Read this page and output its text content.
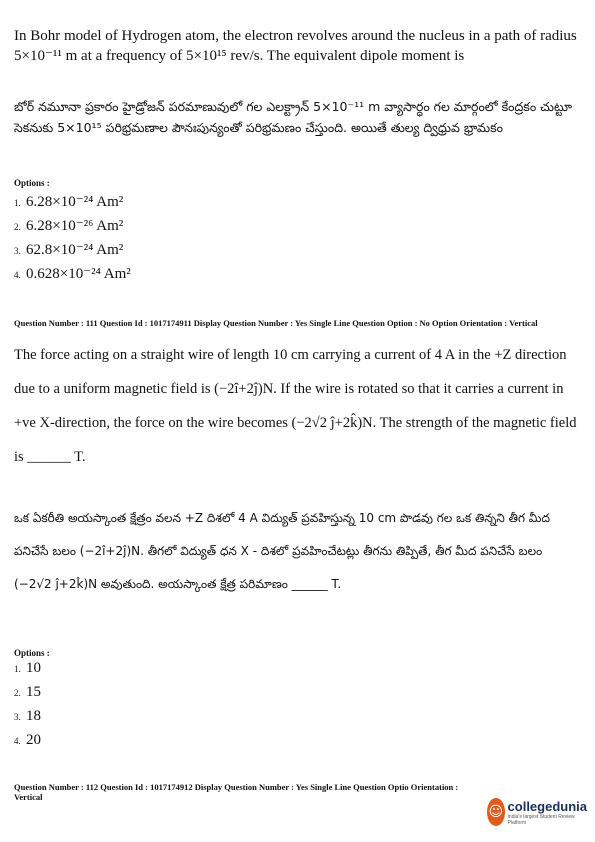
In Bohr model of Hydrogen atom, the electron revolves around the nucleus in a path of radius 5×10⁻¹¹ m at a frequency of 5×10¹⁵ rev/s. The equivalent dipole moment is
బోర్ నమూనా ప్రకారం హైడ్రోజన్ పరమాణువులో గల ఎలక్ట్రాన్ 5×10⁻¹¹ m వ్యాసార్ధం గల మార్గంలో కేంద్రకం చుట్టూ సెకనుకు 5×10¹⁵ పరిభ్రమణాల పౌనఃపున్యంతో పరిభ్రమణం చేస్తుంది. అయితే తుల్య ద్విధ్రువ భ్రామకం
Options :
1. 6.28×10⁻²⁴ Am²
2. 6.28×10⁻²⁶ Am²
3. 62.8×10⁻²⁴ Am²
4. 0.628×10⁻²⁴ Am²
Question Number : 111 Question Id : 1017174911 Display Question Number : Yes Single Line Question Option : No Option Orientation : Vertical
The force acting on a straight wire of length 10 cm carrying a current of 4 A in the +Z direction due to a uniform magnetic field is (−2î+2ĵ)N. If the wire is rotated so that it carries a current in +ve X-direction, the force on the wire becomes (−2√2 ĵ+2k̂)N. The strength of the magnetic field is ______ T.
ఒక ఏకరీతి అయస్కాంత క్షేత్రం వలన +Z దిశలో 4 A విద్యుత్ ప్రవహిస్తున్న 10 cm పొడవు గల ఒక తిన్నని తీగ మీద పనిచేసే బలం (−2î+2ĵ)N. తీగలో విద్యుత్ ధన X - దిశలో ప్రవహించేటట్లు తీగను తిప్పితే, తీగ మీద పనిచేసే బలం (−2√2 ĵ+2k̂)N అవుతుంది. అయస్కాంత క్షేత్ర పరిమాణం ______ T.
Options :
1. 10
2. 15
3. 18
4. 20
Question Number : 112 Question Id : 1017174912 Display Question Number : Yes Single Line Question Optio Orientation : Vertical
☺ collegedunia
India's largest Student Review Platform
